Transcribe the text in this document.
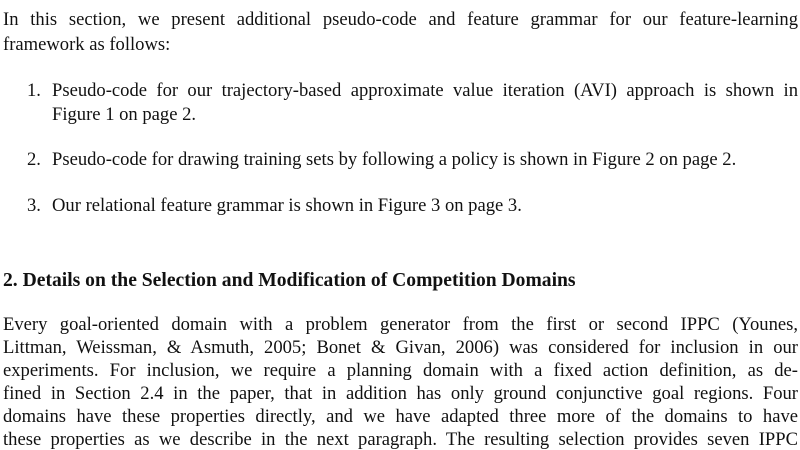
In this section, we present additional pseudo-code and feature grammar for our feature-learning

framework as follows:

1. Pseudo-code for our trajectory-based approximate value iteration (AVI) approach is shown in

Figure 1 on page 2.

2. Pseudo-code for drawing training sets by following a policy is shown in Figure 2 on page 2.

3. Our relational feature grammar is shown in Figure 3 on page 3.

2. Details on the Selection and Modification of Competition Domains

Every goal-oriented domain with a problem generator from the first or second IPPC (Younes,

Littman, Weissman, & Asmuth, 2005; Bonet & Givan, 2006) was considered for inclusion in our

experiments. For inclusion, we require a planning domain with a fixed action definition, as de-

fined in Section 2.4 in the paper, that in addition has only ground conjunctive goal regions. Four

domains have these properties directly, and we have adapted three more of the domains to have

these properties as we describe in the next paragraph. The resulting selection provides seven IPPC
